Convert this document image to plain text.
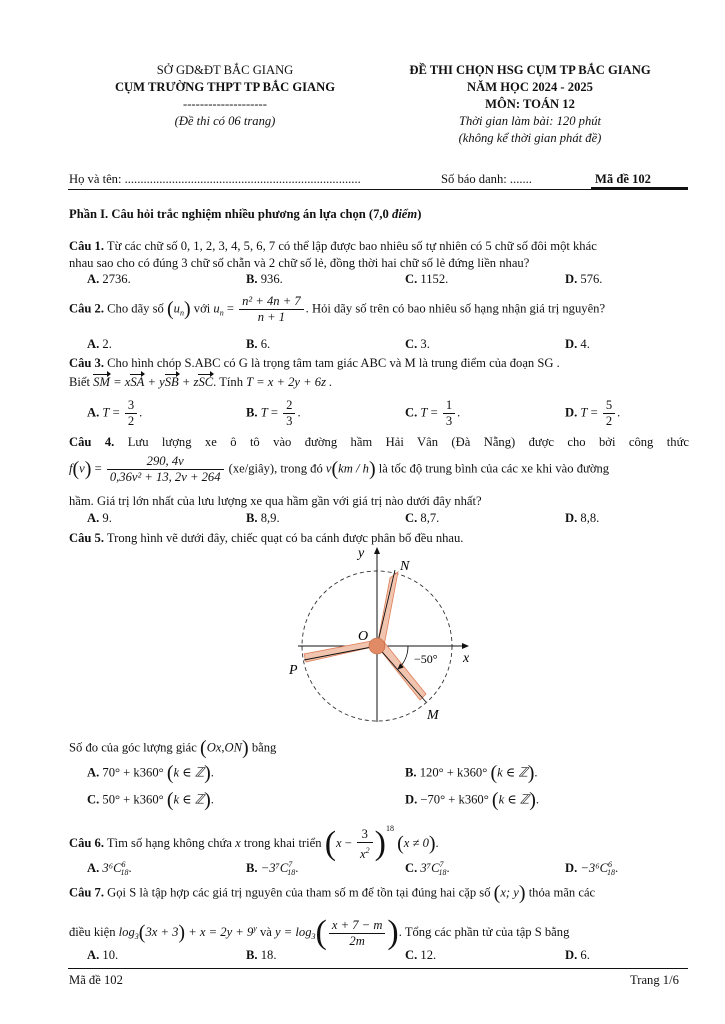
SỞ GD&ĐT BẮC GIANG
CỤM TRƯỜNG THPT TP BẮC GIANG
--------------------
(Đề thi có 06 trang)
ĐỀ THI CHỌN HSG CỤM TP BẮC GIANG
NĂM HỌC 2024 - 2025
MÔN: TOÁN 12
Thời gian làm bài: 120 phút
(không kể thời gian phát đề)
Họ và tên: ...........................................................................	Số báo danh: .......	Mã đề 102
Phần I. Câu hỏi trắc nghiệm nhiều phương án lựa chọn (7,0 điểm)
Câu 1. Từ các chữ số 0, 1, 2, 3, 4, 5, 6, 7 có thể lập được bao nhiêu số tự nhiên có 5 chữ số đôi một khác
nhau sao cho có đúng 3 chữ số chẵn và 2 chữ số lẻ, đồng thời hai chữ số lẻ đứng liền nhau?
A. 2736.	B. 936.	C. 1152.	D. 576.
Câu 2. Cho dãy số $(u_n)$ với $u_n = \frac{\text{n² + 4n + 7}}{n + 1}$ . Hỏi dãy số trên có bao nhiêu số hạng nhận giá trị nguyên?
A. 2.	B. 6.	C. 3.	D. 4.
Câu 3. Cho hình chóp S.ABC có G là trọng tâm tam giác ABC và M là trung điểm của đoạn SG .
Biết SM = xSA + ySB + zSC. Tính T = x + 2y + 6z .
A. $T = \frac{3}{2}$ .	B. $T = \frac{2}{3}$ .	C. $T = \frac{1}{3}$ .	D. $T = \frac{5}{2}$ .
Câu 4. Lưu lượng xe ô tô vào đường hầm Hải Vân (Đà Nẵng) được cho bởi công thức
$f(v) = \frac{290, 4v}{\text{0,36v² + 13, 2v + 264}}$ (xe/giây), trong đó v(km / h) là tốc độ trung bình của các xe khi vào đường
hầm. Giá trị lớn nhất của lưu lượng xe qua hầm gần với giá trị nào dưới đây nhất?
A. 9.	B. 8,9.	C. 8,7.	D. 8,8.
Câu 5. Trong hình vẽ dưới đây, chiếc quạt có ba cánh được phân bố đều nhau.
y
x
N
O
P
M
−50°
Số đo của góc lượng giác (Ox,ON) bằng
A. 70° + k360° (k ∈ ℤ).	B. 120° + k360° (k ∈ ℤ).
C. 50° + k360° (k ∈ ℤ).	D. −70° + k360° (k ∈ ℤ).
Câu 6. Tìm số hạng không chứa x trong khai triển $(x - \frac{3}{x^2} )^{18}$ (x ≠ 0).
A. $3^6C^6_{18}$.	B. $-3^7C^7_{18}$.	C. $3^7C^7_{18}$.	D. $-3^6C^6_{18}$.
Câu 7. Gọi S là tập hợp các giá trị nguyên của tham số m để tồn tại đúng hai cặp số (x; y) thỏa mãn các
điều kiện $\log_3(3x + 3) + x = 2y + 9^y$ và $y = \log_3( \frac{x + 7 - m}{2m}$ ). Tổng các phần tử của tập S bằng
A. 10.	B. 18.	C. 12.	D. 6.
Mã đề 102	Trang 1/6
